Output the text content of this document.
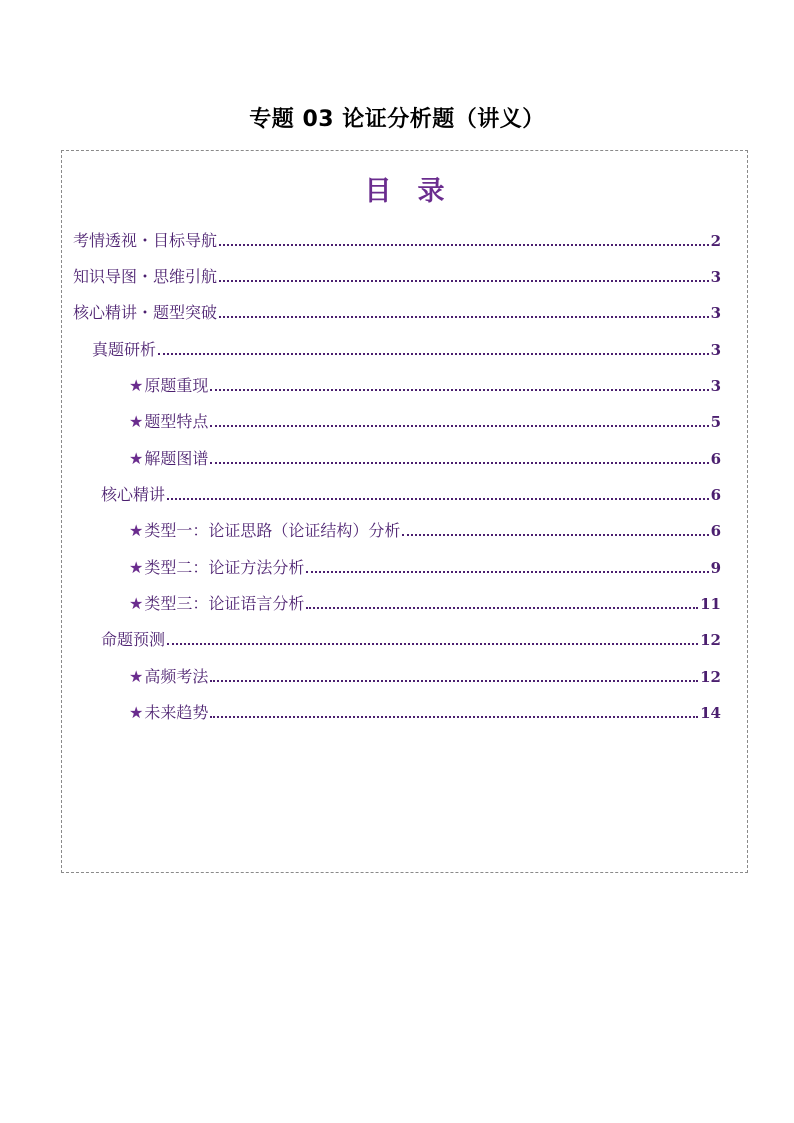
专题 03 论证分析题（讲义）
目录
考情透视・目标导航	2
知识导图・思维引航	3
核心精讲・题型突破	3
真题研析	3
★ 原题重现	3
★ 题型特点	5
★ 解题图谱	6
核心精讲	6
★ 类型一：论证思路（论证结构）分析	6
★ 类型二：论证方法分析	9
★ 类型三：论证语言分析	11
命题预测	12
★ 高频考法	12
★ 未来趋势	14
